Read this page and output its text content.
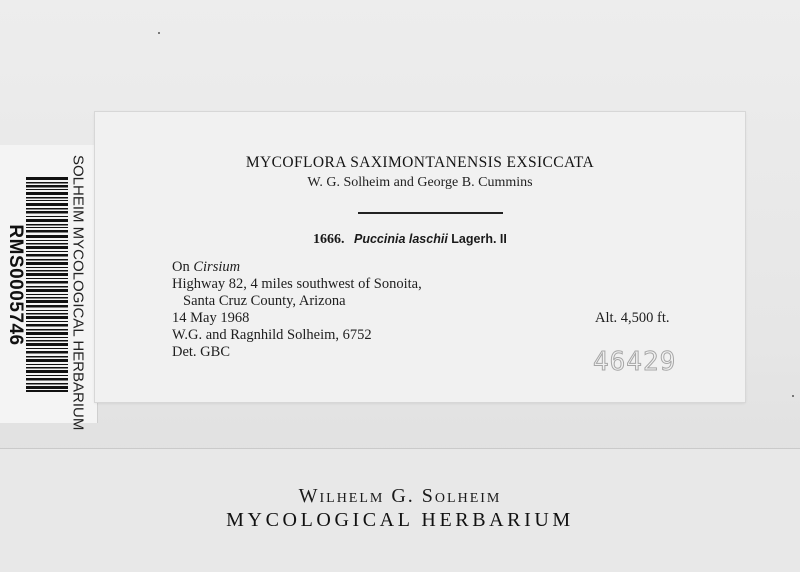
RMS0005746	SOLHEIM MYCOLOGICAL HERBARIUM	MYCOFLORA SAXIMONTANENSIS EXSICCATA
W. G. Solheim and George B. Cummins
1666. Puccinia laschii Lagerh. II
On Cirsium
Highway 82, 4 miles southwest of Sonoita,
Santa Cruz County, Arizona
14 May 1968
W.G. and Ragnhild Solheim, 6752
Det. GBC
Alt. 4,500 ft.
46429
Wilhelm G. Solheim
MYCOLOGICAL HERBARIUM
